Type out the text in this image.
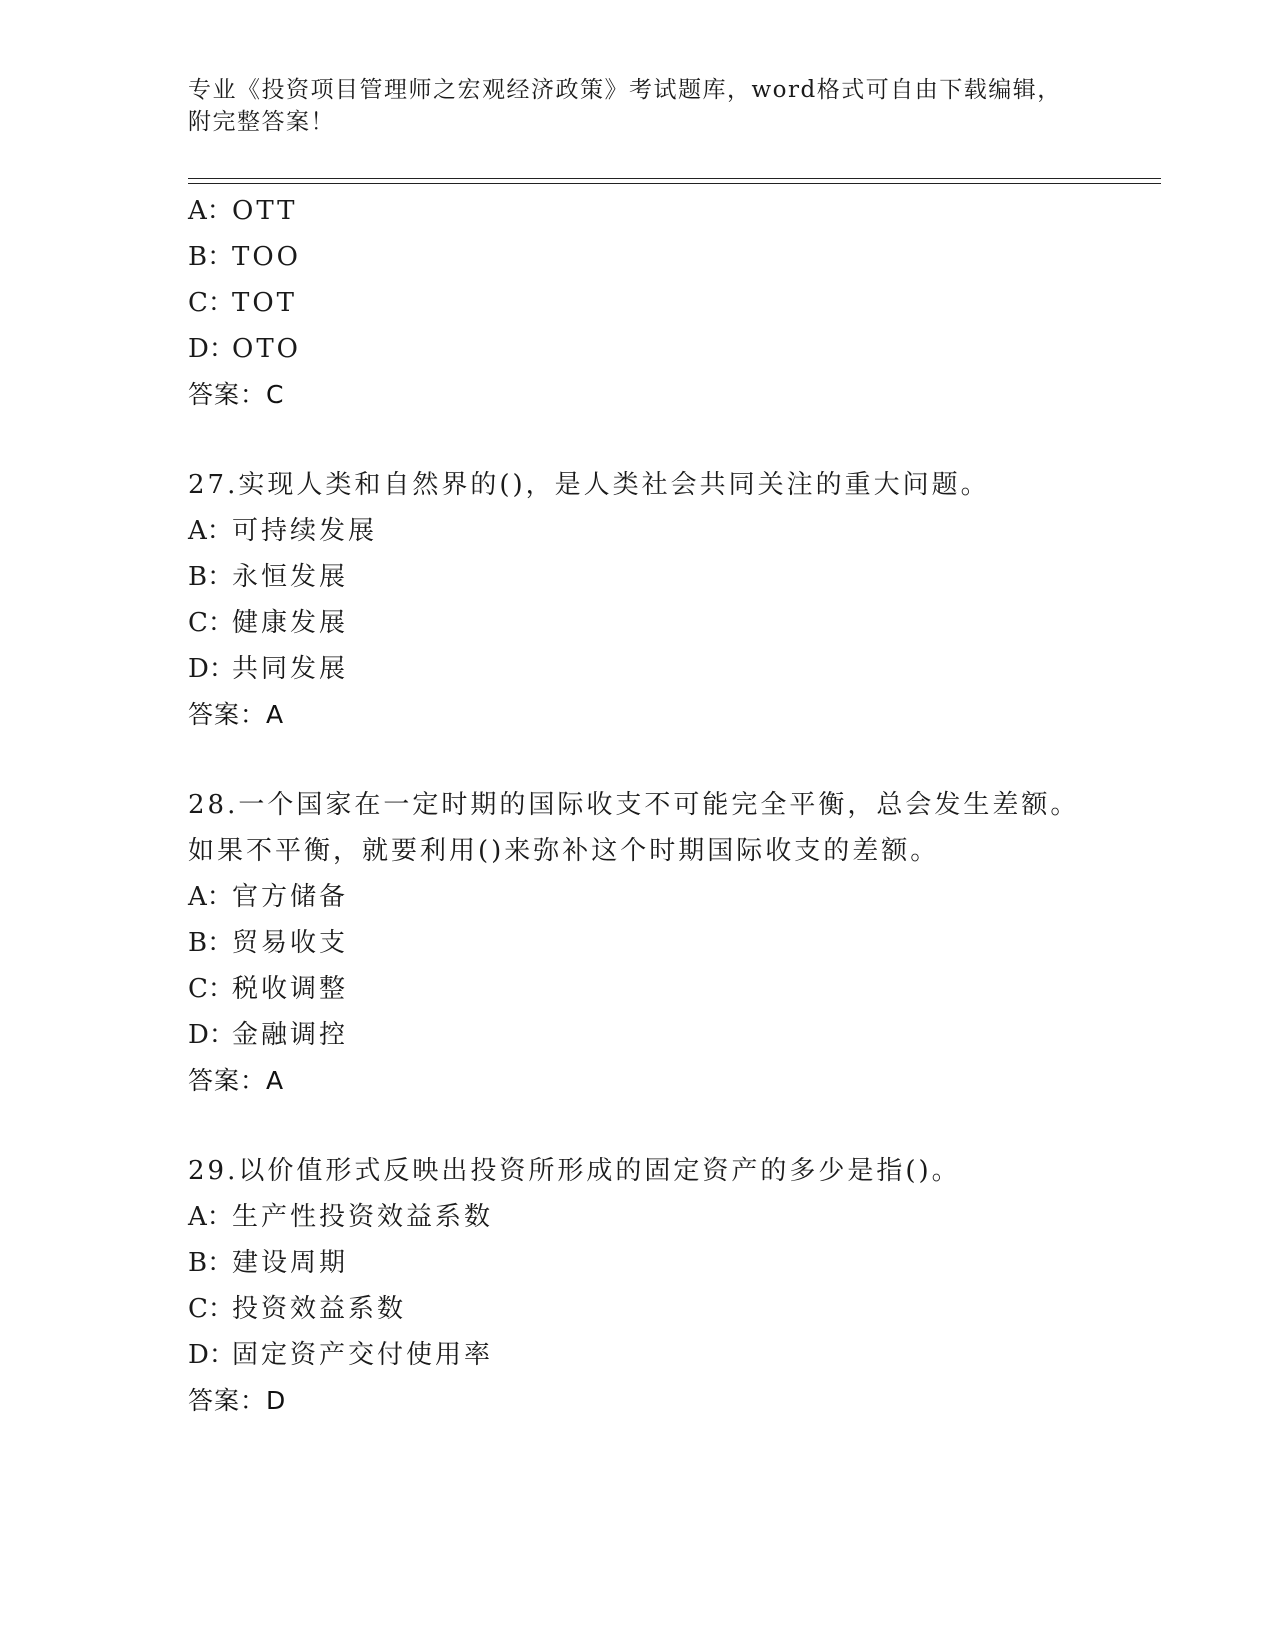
专业《投资项目管理师之宏观经济政策》考试题库，word格式可自由下载编辑，
附完整答案！
A：OTT
B：TOO
C：TOT
D：OTO
答案：C
27.实现人类和自然界的()，是人类社会共同关注的重大问题。
A：可持续发展
B：永恒发展
C：健康发展
D：共同发展
答案：A
28.一个国家在一定时期的国际收支不可能完全平衡，总会发生差额。如果不平衡，就要利用()来弥补这个时期国际收支的差额。
A：官方储备
B：贸易收支
C：税收调整
D：金融调控
答案：A
29.以价值形式反映出投资所形成的固定资产的多少是指()。
A：生产性投资效益系数
B：建设周期
C：投资效益系数
D：固定资产交付使用率
答案：D
